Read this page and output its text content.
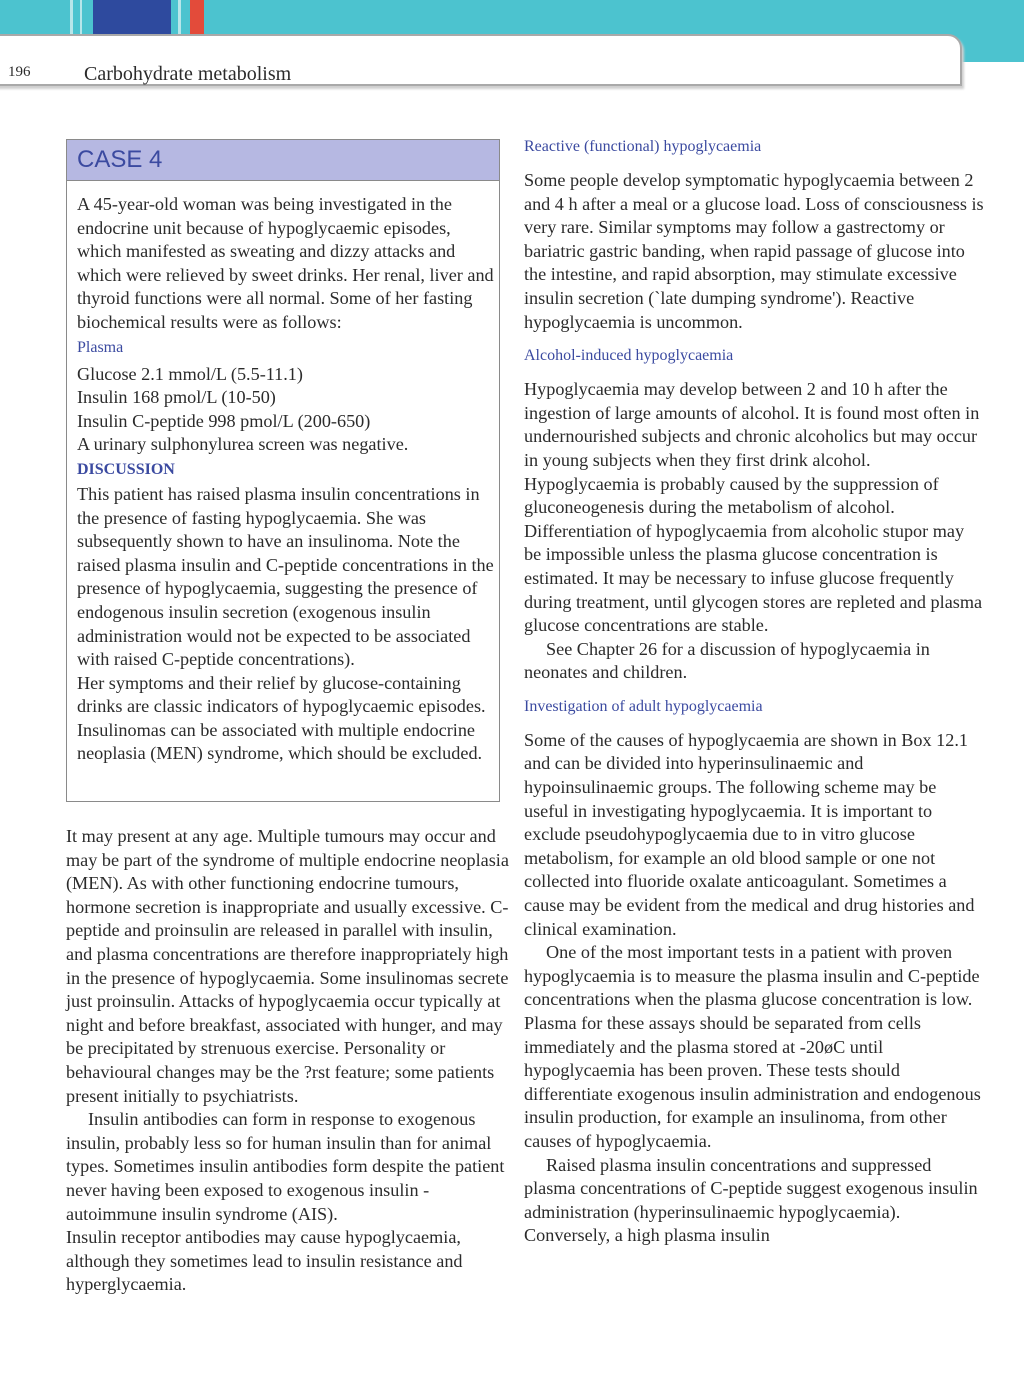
196	Carbohydrate metabolism
CASE 4

A 45-year-old woman was being investigated in the endocrine unit because of hypoglycaemic episodes, which manifested as sweating and dizzy attacks and which were relieved by sweet drinks. Her renal, liver and thyroid functions were all normal. Some of her fasting biochemical results were as follows:

Plasma

Glucose 2.1 mmol/L (5.5-11.1)

Insulin 168 pmol/L (10-50)

Insulin C-peptide 998 pmol/L (200-650)

A urinary sulphonylurea screen was negative.

DISCUSSION

This patient has raised plasma insulin concentrations in the presence of fasting hypoglycaemia. She was subsequently shown to have an insulinoma. Note the raised plasma insulin and C-peptide concentrations in the presence of hypoglycaemia, suggesting the presence of endogenous insulin secretion (exogenous insulin administration would not be expected to be associated with raised C-peptide concentrations).

Her symptoms and their relief by glucose-containing drinks are classic indicators of hypoglycaemic episodes. Insulinomas can be associated with multiple endocrine neoplasia (MEN) syndrome, which should be excluded.

It may present at any age. Multiple tumours may occur and may be part of the syndrome of multiple endocrine neoplasia (MEN). As with other functioning endocrine tumours, hormone secretion is inappropriate and usually excessive. C-peptide and proinsulin are released in parallel with insulin, and plasma concentrations are therefore inappropriately high in the presence of hypoglycaemia. Some insulinomas secrete just proinsulin. Attacks of hypoglycaemia occur typically at night and before breakfast, associated with hunger, and may be precipitated by strenuous exercise. Personality or behavioural changes may be the ?rst feature; some patients present initially to psychiatrists.

Insulin antibodies can form in response to exogenous insulin, probably less so for human insulin than for animal types. Sometimes insulin antibodies form despite the patient never having been exposed to exogenous insulin - autoimmune insulin syndrome (AIS).

Insulin receptor antibodies may cause hypoglycaemia, although they sometimes lead to insulin resistance and hyperglycaemia.

Reactive (functional) hypoglycaemia

Some people develop symptomatic hypoglycaemia between 2 and 4 h after a meal or a glucose load. Loss of consciousness is very rare. Similar symptoms may follow a gastrectomy or bariatric gastric banding, when rapid passage of glucose into the intestine, and rapid absorption, may stimulate excessive insulin secretion (`late dumping syndrome'). Reactive hypoglycaemia is uncommon.

Alcohol-induced hypoglycaemia

Hypoglycaemia may develop between 2 and 10 h after the ingestion of large amounts of alcohol. It is found most often in undernourished subjects and chronic alcoholics but may occur in young subjects when they first drink alcohol. Hypoglycaemia is probably caused by the suppression of gluconeogenesis during the metabolism of alcohol. Differentiation of hypoglycaemia from alcoholic stupor may be impossible unless the plasma glucose concentration is estimated. It may be necessary to infuse glucose frequently during treatment, until glycogen stores are repleted and plasma glucose concentrations are stable.

See Chapter 26 for a discussion of hypoglycaemia in neonates and children.

Investigation of adult hypoglycaemia

Some of the causes of hypoglycaemia are shown in Box 12.1 and can be divided into hyperinsulinaemic and hypoinsulinaemic groups. The following scheme may be useful in investigating hypoglycaemia. It is important to exclude pseudohypoglycaemia due to in vitro glucose metabolism, for example an old blood sample or one not collected into fluoride oxalate anticoagulant. Sometimes a cause may be evident from the medical and drug histories and clinical examination.

One of the most important tests in a patient with proven hypoglycaemia is to measure the plasma insulin and C-peptide concentrations when the plasma glucose concentration is low. Plasma for these assays should be separated from cells immediately and the plasma stored at -20øC until hypoglycaemia has been proven. These tests should differentiate exogenous insulin administration and endogenous insulin production, for example an insulinoma, from other causes of hypoglycaemia.

Raised plasma insulin concentrations and suppressed plasma concentrations of C-peptide suggest exogenous insulin administration (hyperinsulinaemic hypoglycaemia). Conversely, a high plasma insulin
